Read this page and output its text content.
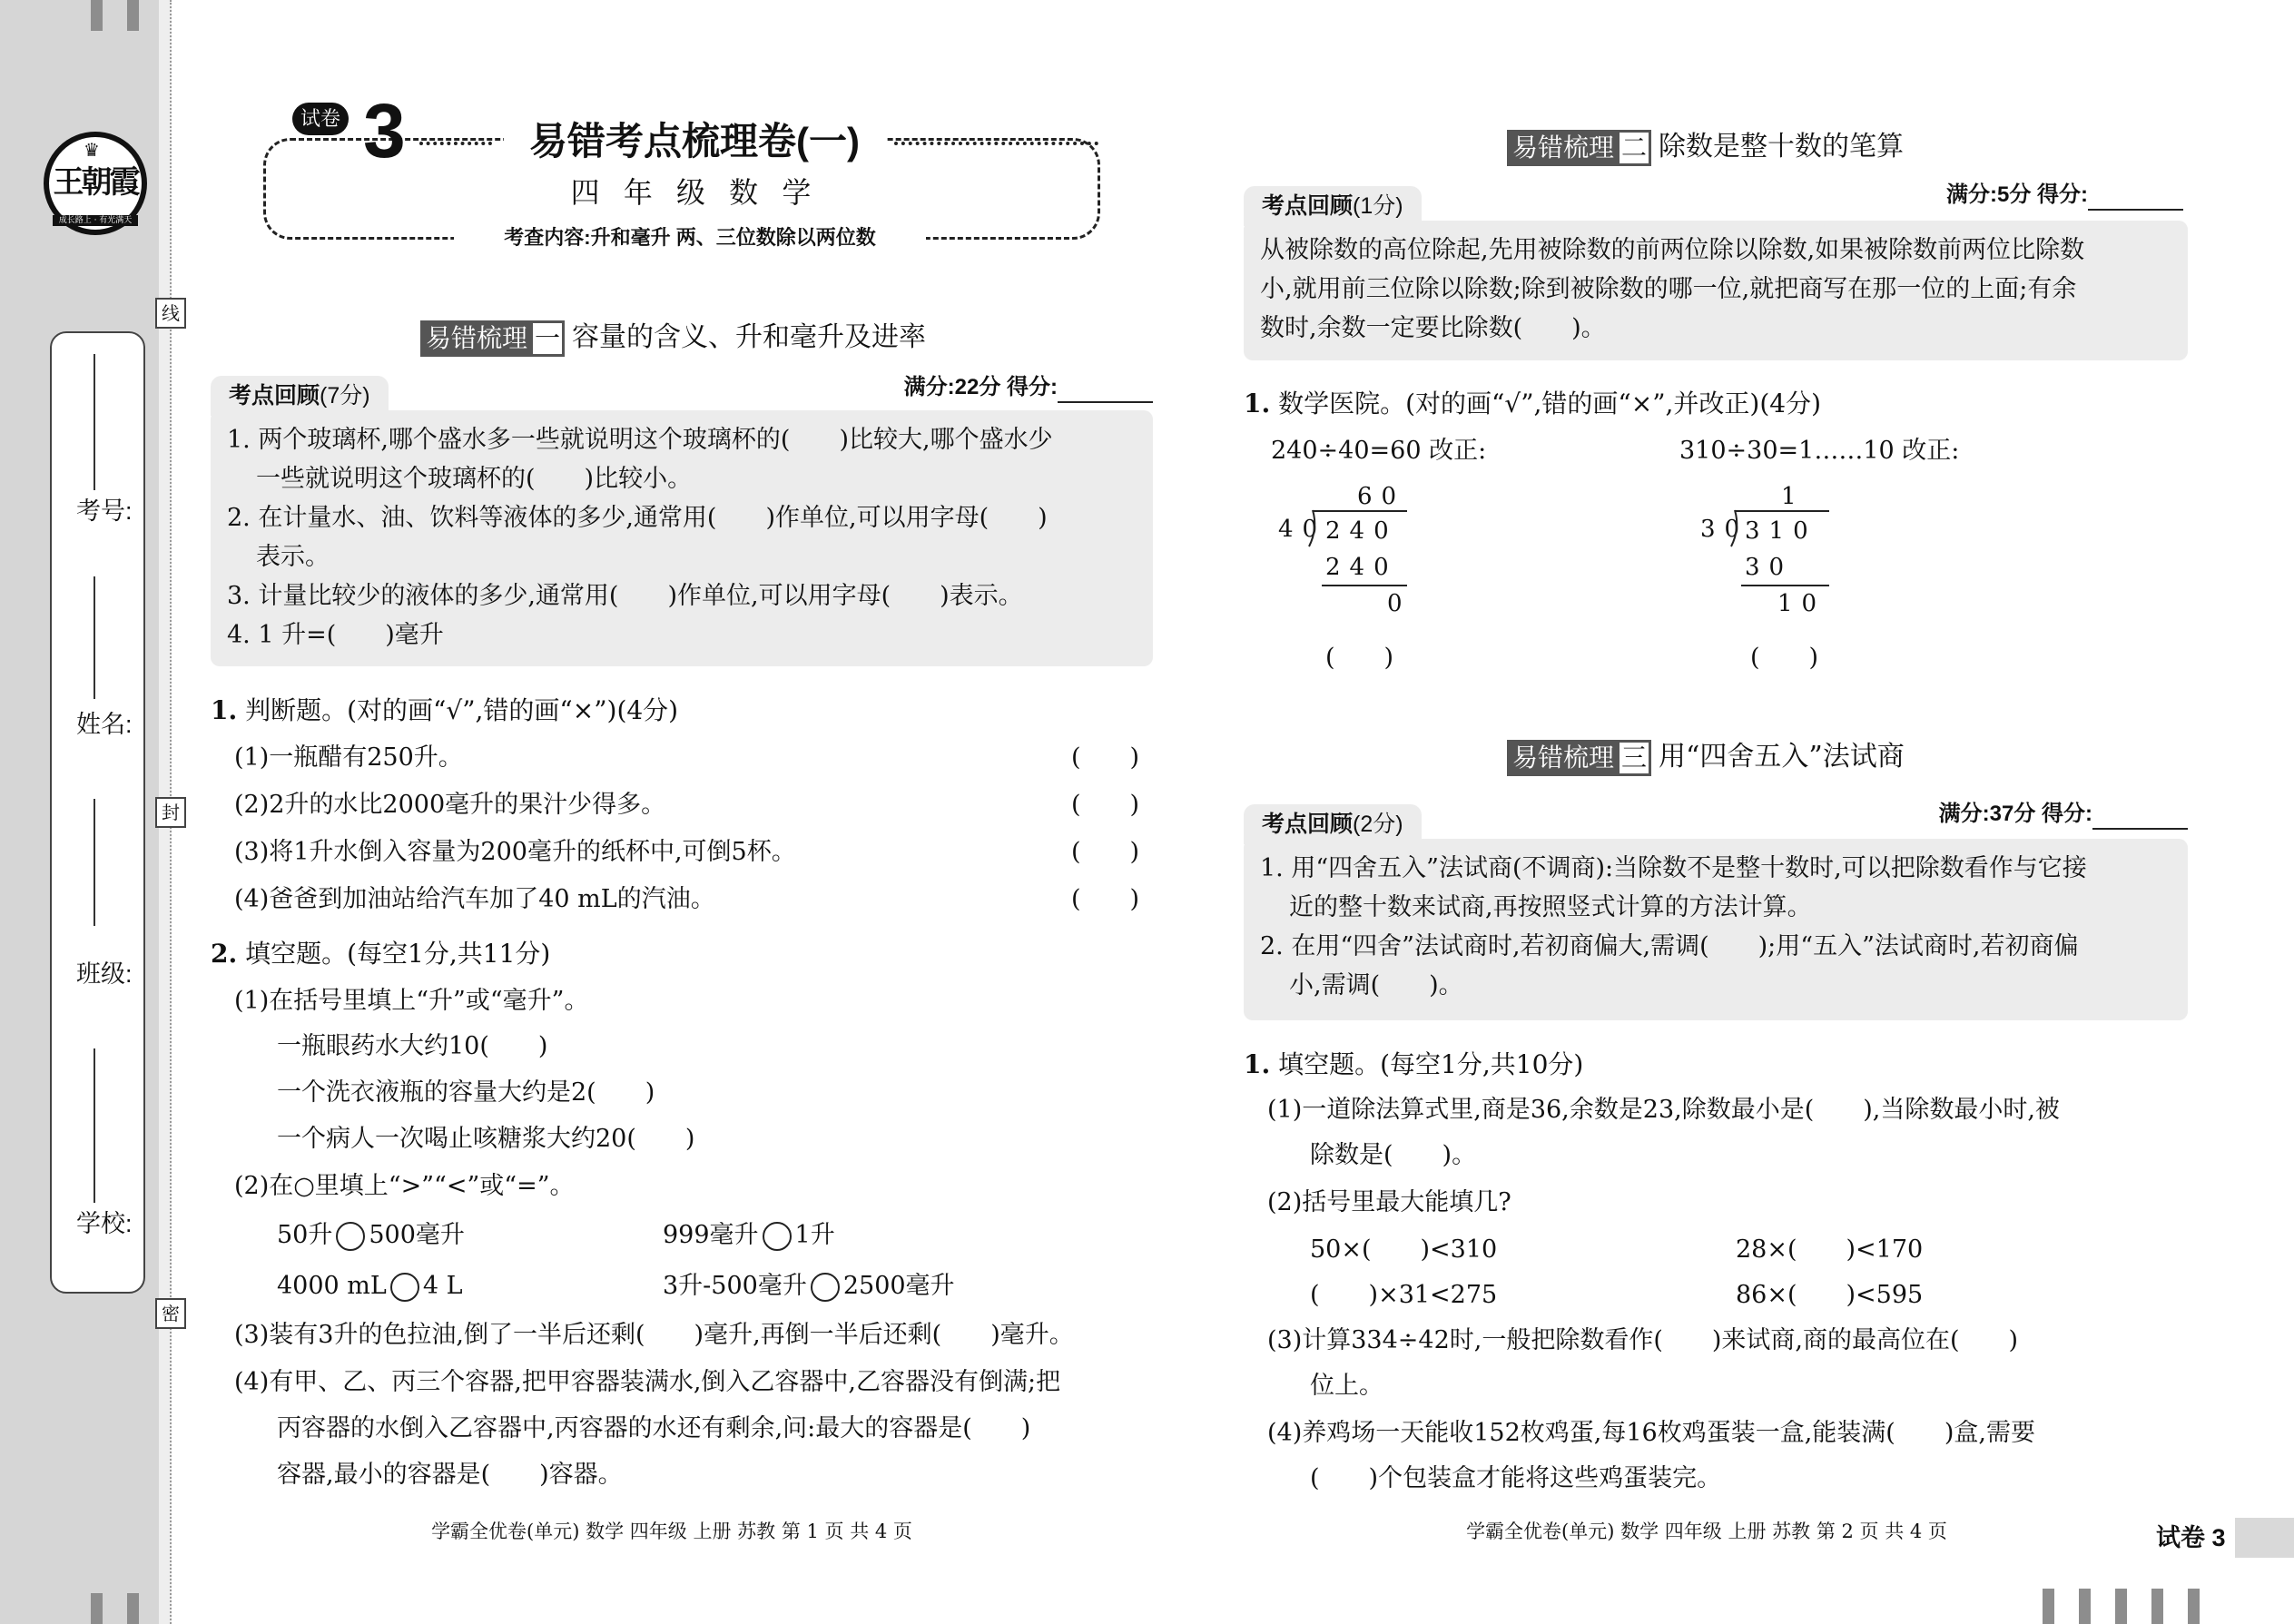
♛
王朝霞
成长路上 · 有光满天
考号:
姓名:
班级:
学校:
线
封
密
试卷 3	易错考点梳理卷(一)
四 年 级 数 学
考查内容:升和毫升 两、三位数除以两位数
易错梳理 一 容量的含义、升和毫升及进率
考点回顾(7分)	满分:22分 得分:
1. 两个玻璃杯,哪个盛水多一些就说明这个玻璃杯的(　　)比较大,哪个盛水少
一些就说明这个玻璃杯的(　　)比较小。
2. 在计量水、油、饮料等液体的多少,通常用(　　)作单位,可以用字母(　　)
表示。
3. 计量比较少的液体的多少,通常用(　　)作单位,可以用字母(　　)表示。
4. 1 升=(　　)毫升
1. 判断题。(对的画“√”,错的画“×”)(4分)
(1)一瓶醋有250升。	(　　)
(2)2升的水比2000毫升的果汁少得多。	(　　)
(3)将1升水倒入容量为200毫升的纸杯中,可倒5杯。	(　　)
(4)爸爸到加油站给汽车加了40 mL的汽油。	(　　)
2. 填空题。(每空1分,共11分)
(1)在括号里填上“升”或“毫升”。
一瓶眼药水大约10(　　)
一个洗衣液瓶的容量大约是2(　　)
一个病人一次喝止咳糖浆大约20(　　)
(2)在○里填上“>”“<”或“=”。
50升 500毫升	999毫升 1升
4000 mL 4 L	3升-500毫升 2500毫升
(3)装有3升的色拉油,倒了一半后还剩(　　)毫升,再倒一半后还剩(　　)毫升。
(4)有甲、乙、丙三个容器,把甲容器装满水,倒入乙容器中,乙容器没有倒满;把
丙容器的水倒入乙容器中,丙容器的水还有剩余,问:最大的容器是(　　)
容器,最小的容器是(　　)容器。
学霸全优卷(单元) 数学 四年级 上册 苏教 第 1 页 共 4 页
易错梳理 二 除数是整十数的笔算
考点回顾(1分)	满分:5分 得分:
从被除数的高位除起,先用被除数的前两位除以除数,如果被除数前两位比除数
小,就用前三位除以除数;除到被除数的哪一位,就把商写在那一位的上面;有余
数时,余数一定要比除数(　　)。
1. 数学医院。(对的画“√”,错的画“×”,并改正)(4分)
240÷40=60 改正:	310÷30=1……10 改正:
60
40
240
240
0
(　　)
1
30
310
30
10
(　　)
易错梳理 三 用“四舍五入”法试商
考点回顾(2分)	满分:37分 得分:
1. 用“四舍五入”法试商(不调商):当除数不是整十数时,可以把除数看作与它接
近的整十数来试商,再按照竖式计算的方法计算。
2. 在用“四舍”法试商时,若初商偏大,需调(　　);用“五入”法试商时,若初商偏
小,需调(　　)。
1. 填空题。(每空1分,共10分)
(1)一道除法算式里,商是36,余数是23,除数最小是(　　),当除数最小时,被
除数是(　　)。
(2)括号里最大能填几?
50×(　　)<310	28×(　　)<170
(　　)×31<275	86×(　　)<595
(3)计算334÷42时,一般把除数看作(　　)来试商,商的最高位在(　　)
位上。
(4)养鸡场一天能收152枚鸡蛋,每16枚鸡蛋装一盒,能装满(　　)盒,需要
(　　)个包装盒才能将这些鸡蛋装完。
学霸全优卷(单元) 数学 四年级 上册 苏教 第 2 页 共 4 页	试卷 3
